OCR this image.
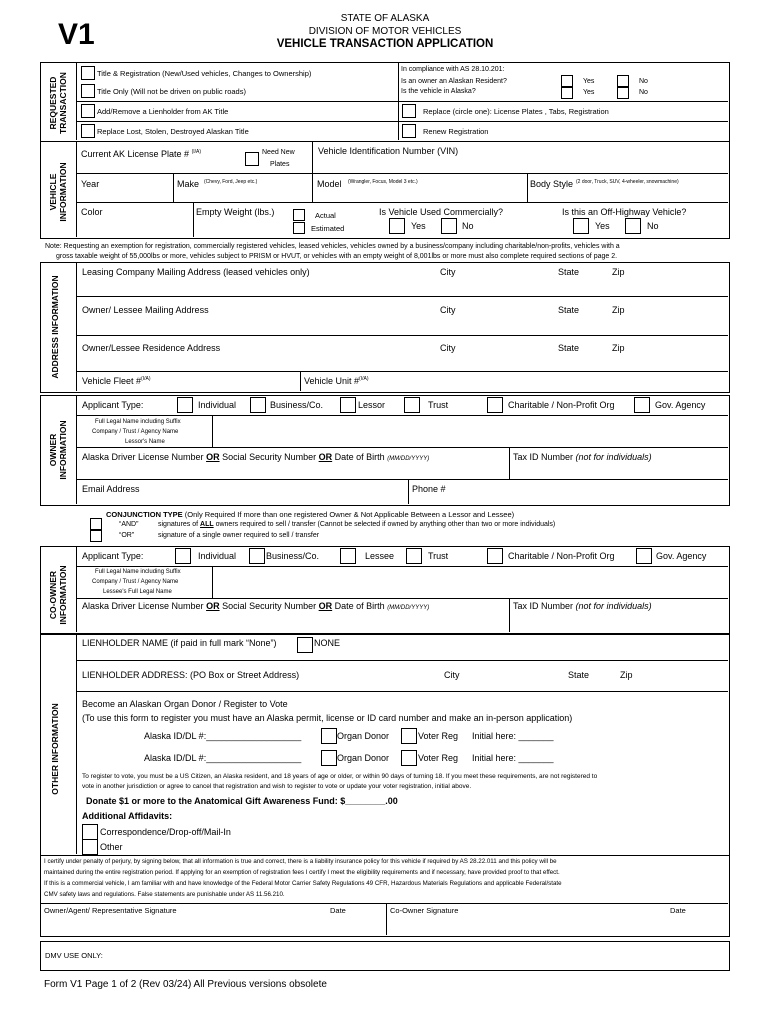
V1	STATE OF ALASKA
DIVISION OF MOTOR VEHICLES
VEHICLE TRANSACTION APPLICATION
REQUESTED
TRANSACTION	Title & Registration (New/Used vehicles, Changes to Ownership)
Title Only (Will not be driven on public roads)
Add/Remove a Lienholder from AK Title
Replace Lost, Stolen, Destroyed Alaskan Title
In compliance with AS 28.10.201:
Is an owner an Alaskan Resident?
Is the vehicle in Alaska?
Yes	No
Yes	No
Replace (circle one): License Plates , Tabs, Registration
Renew Registration
VEHICLE
INFORMATION
Current AK License Plate # $^{(I/A)}$	Need New
Plates
Vehicle Identification Number (VIN)
Year	Make (Chevy, Ford, Jeep etc.)	Model (Wrangler, Focus, Model 3 etc.)	Body Style (2 door, Truck, SUV, 4-wheeler, snowmachine)
Color	Empty Weight (lbs.)	Actual
Estimated
Is Vehicle Used Commercially?
Yes	No
Is this an Off-Highway Vehicle?
Yes	No
Note: Requesting an exemption for registration, commercially registered vehicles, leased vehicles, vehicles owned by a business/company including charitable/non-profits, vehicles with a
gross taxable weight of 55,000lbs or more, vehicles subject to PRISM or HVUT, or vehicles with an empty weight of 8,001lbs or more must also complete required sections of page 2.
ADDRESS INFORMATION
Leasing Company Mailing Address (leased vehicles only)	City	State	Zip
Owner/ Lessee Mailing Address	City	State	Zip
Owner/Lessee Residence Address	City	State	Zip
Vehicle Fleet #$^{(I/A)}$	Vehicle Unit #$^{(I/A)}$
OWNER
INFORMATION
Applicant Type:	Individual	Business/Co.	Lessor	Trust	Charitable / Non-Profit Org	Gov. Agency
Full Legal Name including Suffix
Company / Trust / Agency Name
Lessor's Name
Alaska Driver License Number OR Social Security Number OR Date of Birth (MM/DD/YYYY)	Tax ID Number (not for individuals)
Email Address	Phone #
CONJUNCTION TYPE (Only Required If more than one registered Owner & Not Applicable Between a Lessor and Lessee)
“AND”	signatures of ALL owners required to sell / transfer (Cannot be selected if owned by anything other than two or more individuals)
“OR”	signature of a single owner required to sell / transfer
CO-OWNER
INFORMATION
Applicant Type:	Individual	Business/Co.	Lessee	Trust	Charitable / Non-Profit Org	Gov. Agency
Full Legal Name including Suffix
Company / Trust / Agency Name
Lessee's Full Legal Name
Alaska Driver License Number OR Social Security Number OR Date of Birth (MM/DD/YYYY)	Tax ID Number (not for individuals)
OTHER INFORMATION
LIENHOLDER NAME (if paid in full mark “None”)	NONE
LIENHOLDER ADDRESS: (PO Box or Street Address)	City	State	Zip
Become an Alaskan Organ Donor / Register to Vote
(To use this form to register you must have an Alaska permit, license or ID card number and make an in-person application)
Alaska ID/DL #:___________________	Organ Donor	Voter Reg Initial here: _______
Alaska ID/DL #:___________________	Organ Donor	Voter Reg Initial here: _______
To register to vote, you must be a US Citizen, an Alaska resident, and 18 years of age or older, or within 90 days of turning 18. If you meet these requirements, are not registered to
vote in another jurisdiction or agree to cancel that registration and wish to register to vote or update your voter registration, initial above.
Donate $1 or more to the Anatomical Gift Awareness Fund: $________.00
Additional Affidavits:
Correspondence/Drop-off/Mail-In
Other
I certify under penalty of perjury, by signing below, that all information is true and correct, there is a liability insurance policy for this vehicle if required by AS 28.22.011 and this policy will be
maintained during the entire registration period. If applying for an exemption of registration fees I certify I meet the eligibility requirements and if necessary, have provided proof to that effect.
If this is a commercial vehicle, I am familiar with and have knowledge of the Federal Motor Carrier Safety Regulations 49 CFR, Hazardous Materials Regulations and applicable Federal/state
CMV safety laws and regulations. False statements are punishable under AS 11.56.210.
Owner/Agent/ Representative Signature	Date	Co-Owner Signature	Date
DMV USE ONLY:
Form V1 Page 1 of 2 (Rev 03/24) All Previous versions obsolete
